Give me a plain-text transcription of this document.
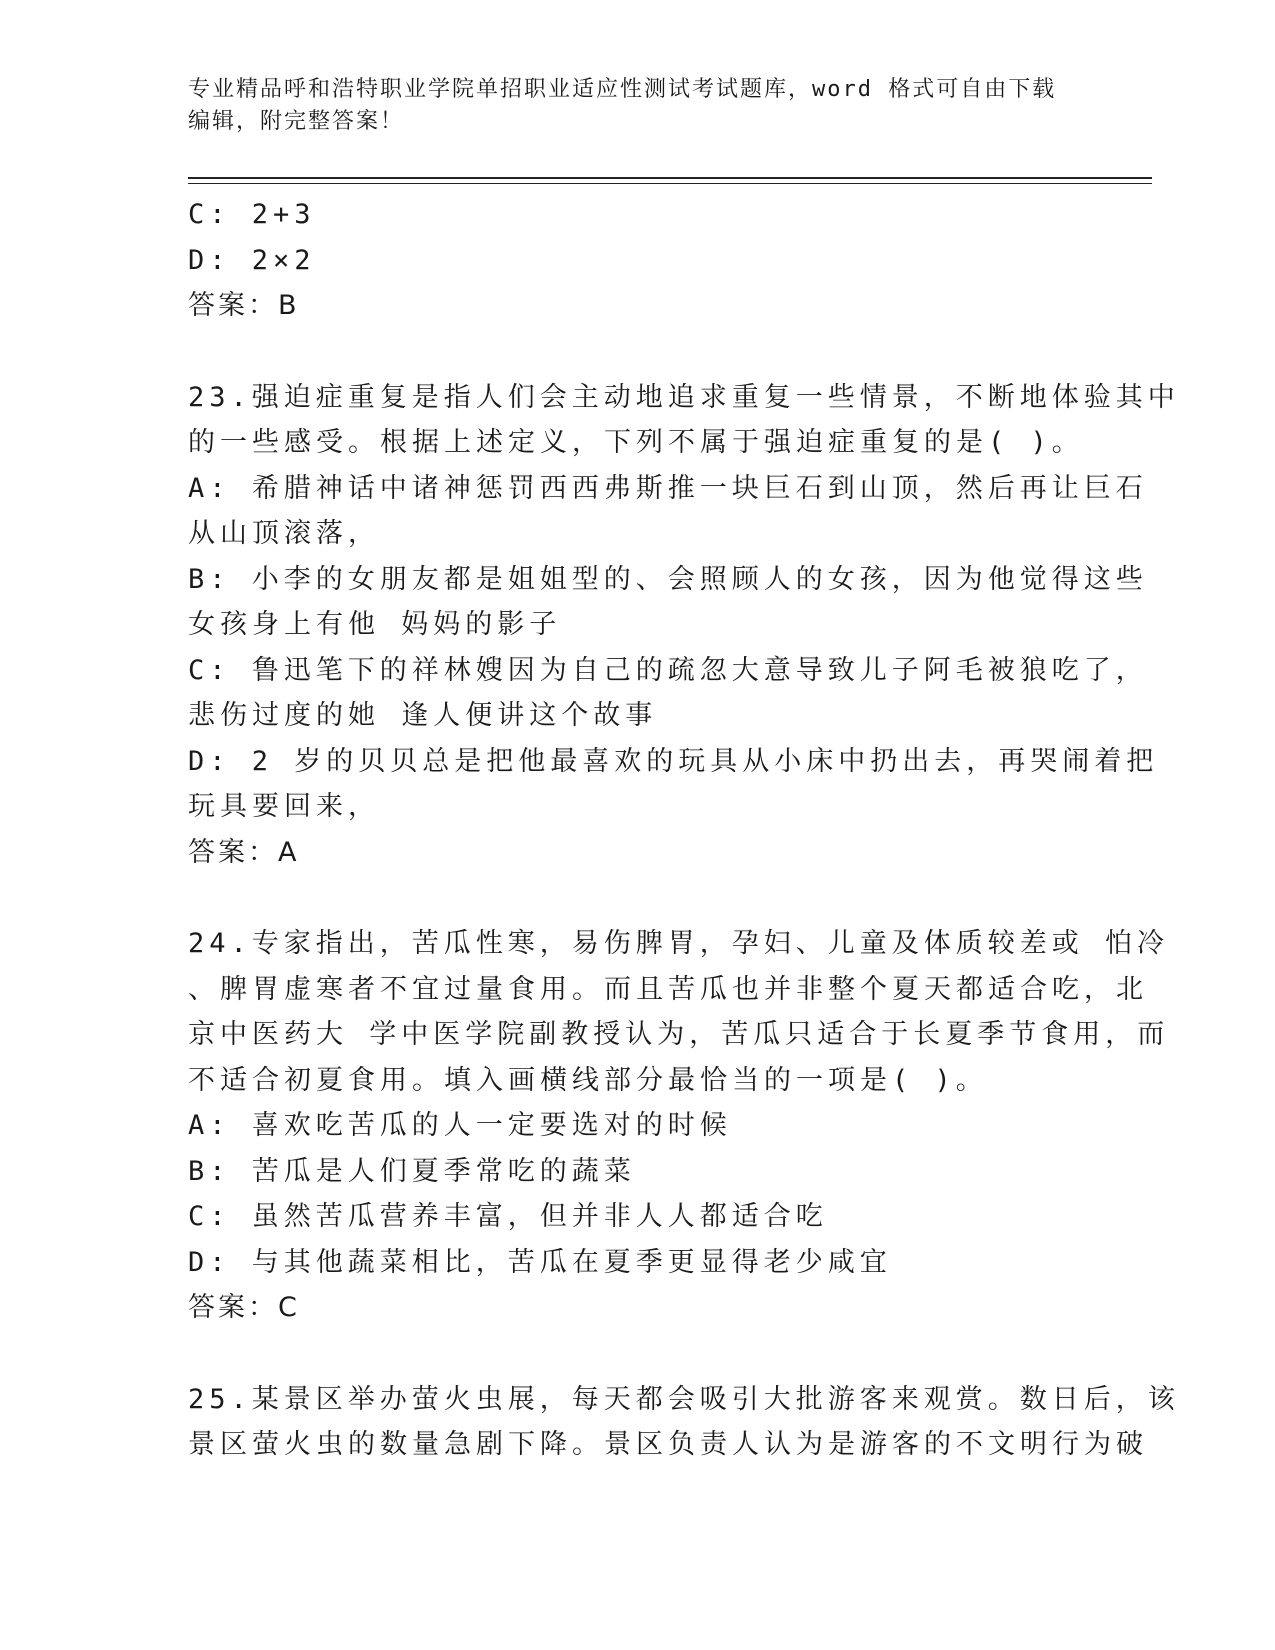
专业精品呼和浩特职业学院单招职业适应性测试考试题库，word 格式可自由下载
编辑，附完整答案！
C: 2+3
D: 2×2
答案：B
23.强迫症重复是指人们会主动地追求重复一些情景，不断地体验其中
的一些感受。根据上述定义，下列不属于强迫症重复的是( )。
A: 希腊神话中诸神惩罚西西弗斯推一块巨石到山顶，然后再让巨石
从山顶滚落，
B: 小李的女朋友都是姐姐型的、会照顾人的女孩，因为他觉得这些
女孩身上有他 妈妈的影子
C: 鲁迅笔下的祥林嫂因为自己的疏忽大意导致儿子阿毛被狼吃了，
悲伤过度的她 逢人便讲这个故事
D: 2 岁的贝贝总是把他最喜欢的玩具从小床中扔出去，再哭闹着把
玩具要回来，
答案：A
24.专家指出，苦瓜性寒，易伤脾胃，孕妇、儿童及体质较差或 怕冷
、脾胃虚寒者不宜过量食用。而且苦瓜也并非整个夏天都适合吃，北
京中医药大 学中医学院副教授认为，苦瓜只适合于长夏季节食用，而
不适合初夏食用。填入画横线部分最恰当的一项是( )。
A: 喜欢吃苦瓜的人一定要选对的时候
B: 苦瓜是人们夏季常吃的蔬菜
C: 虽然苦瓜营养丰富，但并非人人都适合吃
D: 与其他蔬菜相比，苦瓜在夏季更显得老少咸宜
答案：C
25.某景区举办萤火虫展，每天都会吸引大批游客来观赏。数日后，该
景区萤火虫的数量急剧下降。景区负责人认为是游客的不文明行为破
